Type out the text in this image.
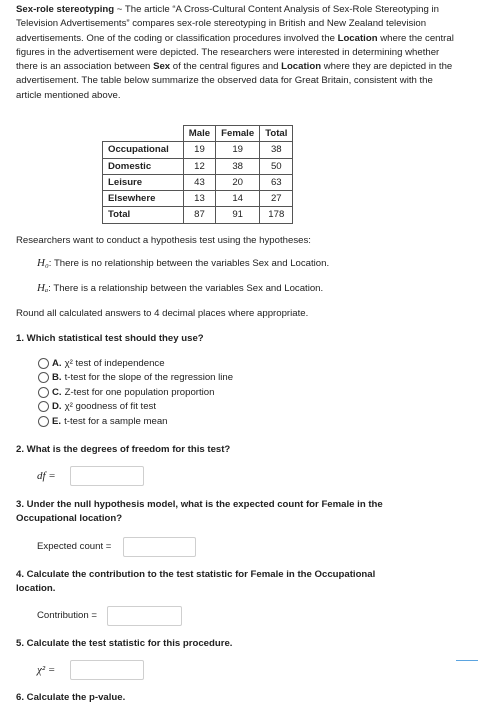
Sex-role stereotyping ~ The article “A Cross-Cultural Content Analysis of Sex-Role Stereotyping in Television Advertisements” compares sex-role stereotyping in British and New Zealand television advertisements. One of the coding or classification procedures involved the Location where the central figures in the advertisement were depicted. The researchers were interested in determining whether there is an association between Sex of the central figures and Location where they are depicted in the advertisement. The table below summarize the observed data for Great Britain, consistent with the article mentioned above.

	Male	Female	Total
Occupational	19	19	38
Domestic	12	38	50
Leisure	43	20	63
Elsewhere	13	14	27
Total	87	91	178
Researchers want to conduct a hypothesis test using the hypotheses:
H₀: There is no relationship between the variables Sex and Location.
Hₐ: There is a relationship between the variables Sex and Location.
Round all calculated answers to 4 decimal places where appropriate.
1. Which statistical test should they use?
A. χ² test of independence
B. t-test for the slope of the regression line
C. Z-test for one population proportion
D. χ² goodness of fit test
E. t-test for a sample mean
2. What is the degrees of freedom for this test?
df =
3. Under the null hypothesis model, what is the expected count for Female in the Occupational location?
Expected count =
4. Calculate the contribution to the test statistic for Female in the Occupational location.
Contribution =
5. Calculate the test statistic for this procedure.
χ² =
6. Calculate the p-value.
